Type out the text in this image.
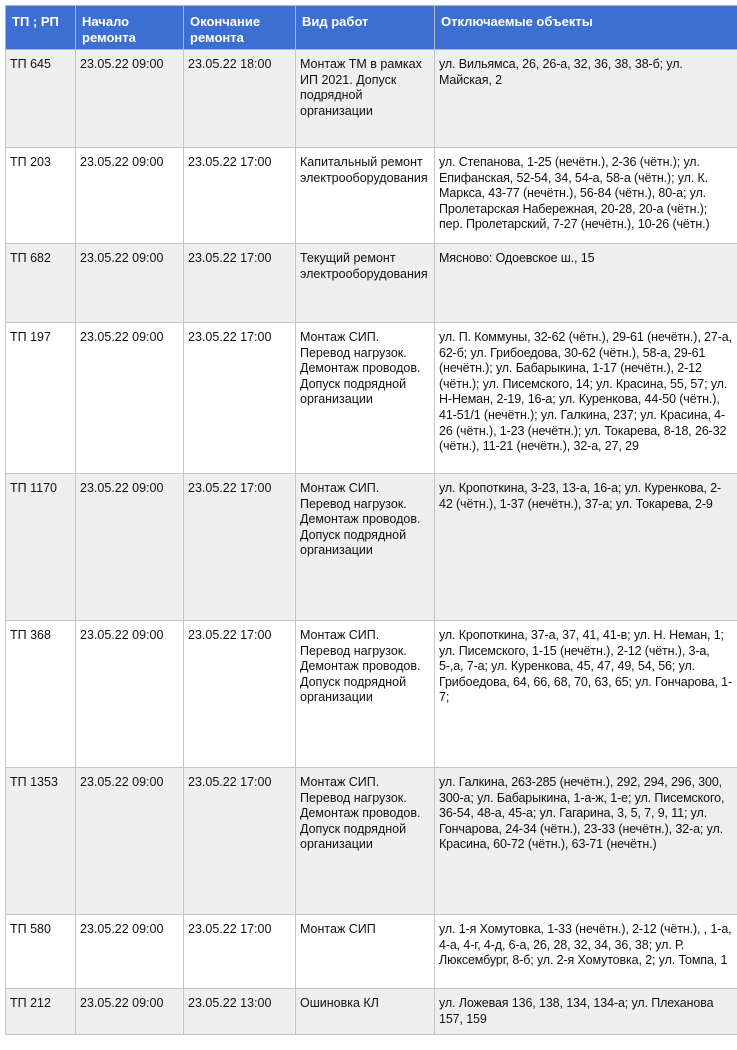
ТП ; РП	Начало ремонта	Окончание ремонта	Вид работ	Отключаемые объекты
ТП 645	23.05.22 09:00	23.05.22 18:00	Монтаж ТМ в рамках ИП 2021. Допуск подрядной организации	ул. Вильямса, 26, 26-а, 32, 36, 38, 38-б; ул. Майская, 2
ТП 203	23.05.22 09:00	23.05.22 17:00	Капитальный ремонт электрооборудования	ул. Степанова, 1-25 (нечётн.), 2-36 (чётн.); ул. Епифанская, 52-54, 34, 54-а, 58-а (чётн.); ул. К. Маркса, 43-77 (нечётн.), 56-84 (чётн.), 80-а; ул. Пролетарская Набережная, 20-28, 20-а (чётн.); пер. Пролетарский, 7-27 (нечётн.), 10-26 (чётн.)
ТП 682	23.05.22 09:00	23.05.22 17:00	Текущий ремонт электрооборудования	Мясново: Одоевское ш., 15
ТП 197	23.05.22 09:00	23.05.22 17:00	Монтаж СИП. Перевод нагрузок. Демонтаж проводов. Допуск подрядной организации	ул. П. Коммуны, 32-62 (чётн.), 29-61 (нечётн.), 27-а, 62-б; ул. Грибоедова, 30-62 (чётн.), 58-а, 29-61 (нечётн.); ул. Бабарыкина, 1-17 (нечётн.), 2-12 (чётн.); ул. Писемского, 14; ул. Красина, 55, 57; ул. Н-Неман, 2-19, 16-а; ул. Куренкова, 44-50 (чётн.), 41-51/1 (нечётн.); ул. Галкина, 237; ул. Красина, 4-26 (чётн.), 1-23 (нечётн.); ул. Токарева, 8-18, 26-32 (чётн.), 11-21 (нечётн.), 32-а, 27, 29
ТП 1170	23.05.22 09:00	23.05.22 17:00	Монтаж СИП. Перевод нагрузок. Демонтаж проводов. Допуск подрядной организации	ул. Кропоткина, 3-23, 13-а, 16-а; ул. Куренкова, 2-42 (чётн.), 1-37 (нечётн.), 37-а; ул. Токарева, 2-9
ТП 368	23.05.22 09:00	23.05.22 17:00	Монтаж СИП. Перевод нагрузок. Демонтаж проводов. Допуск подрядной организации	ул. Кропоткина, 37-а, 37, 41, 41-в; ул. Н. Неман, 1; ул. Писемского, 1-15 (нечётн.), 2-12 (чётн.), 3-а, 5-,а, 7-а; ул. Куренкова, 45, 47, 49, 54, 56; ул. Грибоедова, 64, 66, 68, 70, 63, 65; ул. Гончарова, 1-7;
ТП 1353	23.05.22 09:00	23.05.22 17:00	Монтаж СИП. Перевод нагрузок. Демонтаж проводов. Допуск подрядной организации	ул. Галкина, 263-285 (нечётн.), 292, 294, 296, 300, 300-а; ул. Бабарыкина, 1-а-ж, 1-е; ул. Писемского, 36-54, 48-а, 45-а; ул. Гагарина, 3, 5, 7, 9, 11; ул. Гончарова, 24-34 (чётн.), 23-33 (нечётн.), 32-а; ул. Красина, 60-72 (чётн.), 63-71 (нечётн.)
ТП 580	23.05.22 09:00	23.05.22 17:00	Монтаж СИП	ул. 1-я Хомутовка, 1-33 (нечётн.), 2-12 (чётн.), , 1-а, 4-а, 4-г, 4-д, 6-а, 26, 28, 32, 34, 36, 38; ул. Р. Люксембург, 8-б; ул. 2-я Хомутовка, 2; ул. Томпа, 1
ТП 212	23.05.22 09:00	23.05.22 13:00	Ошиновка КЛ	ул. Ложевая 136, 138, 134, 134-а; ул. Плеханова 157, 159
